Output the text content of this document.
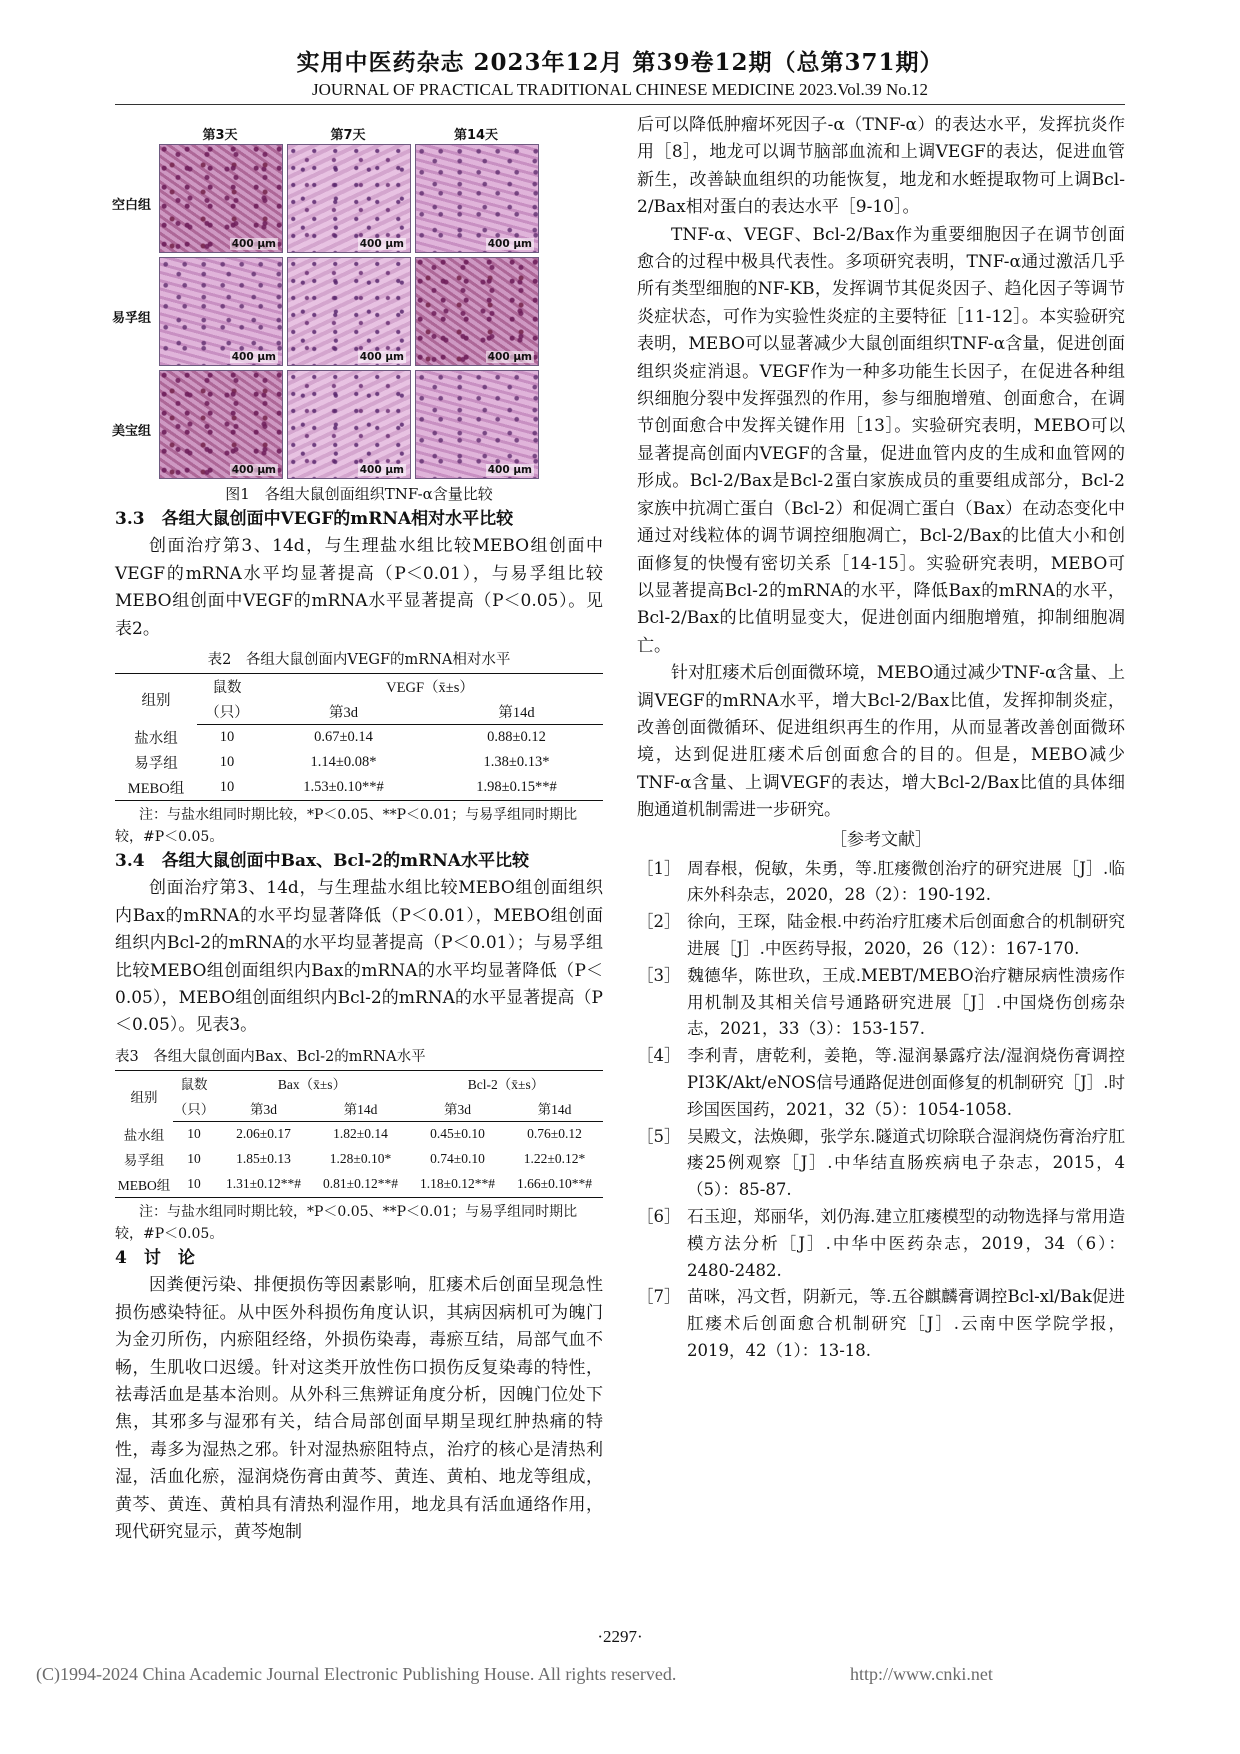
实用中医药杂志 2023年12月 第39卷12期（总第371期）
JOURNAL OF PRACTICAL TRADITIONAL CHINESE MEDICINE 2023.Vol.39 No.12
第3天	第7天	第14天
空白组
易孚组
美宝组
400 μm	400 μm	400 μm
400 μm	400 μm	400 μm
400 μm	400 μm	400 μm

图1　各组大鼠创面组织TNF-α含量比较

3.3　各组大鼠创面中VEGF的mRNA相对水平比较

创面治疗第3、14d，与生理盐水组比较MEBO组创面中VEGF的mRNA水平均显著提高（P＜0.01），与易孚组比较MEBO组创面中VEGF的mRNA水平显著提高（P＜0.05）。见表2。

表2　各组大鼠创面内VEGF的mRNA相对水平

组别	鼠数	VEGF（x̄±s）	
	（只）	第3d	第14d
盐水组	10	0.67±0.14	0.88±0.12
易孚组	10	1.14±0.08*	1.38±0.13*
MEBO组	10	1.53±0.10**#	1.98±0.15**#

注：与盐水组同时期比较，*P＜0.05、**P＜0.01；与易孚组同时期比较，#P＜0.05。

3.4　各组大鼠创面中Bax、Bcl-2的mRNA水平比较

创面治疗第3、14d，与生理盐水组比较MEBO组创面组织内Bax的mRNA的水平均显著降低（P＜0.01），MEBO组创面组织内Bcl-2的mRNA的水平均显著提高（P＜0.01）；与易孚组比较MEBO组创面组织内Bax的mRNA的水平均显著降低（P＜0.05），MEBO组创面组织内Bcl-2的mRNA的水平显著提高（P＜0.05）。见表3。

表3　各组大鼠创面内Bax、Bcl-2的mRNA水平

组别	鼠数	Bax（x̄±s）		Bcl-2（x̄±s）	
	（只）	第3d	第14d	第3d	第14d
盐水组	10	2.06±0.17	1.82±0.14	0.45±0.10	0.76±0.12
易孚组	10	1.85±0.13	1.28±0.10*	0.74±0.10	1.22±0.12*
MEBO组	10	1.31±0.12**#	0.81±0.12**#	1.18±0.12**#	1.66±0.10**#

注：与盐水组同时期比较，*P＜0.05、**P＜0.01；与易孚组同时期比较，#P＜0.05。

4　讨　论

因粪便污染、排便损伤等因素影响，肛瘘术后创面呈现急性损伤感染特征。从中医外科损伤角度认识，其病因病机可为魄门为金刃所伤，内瘀阻经络，外损伤染毒，毒瘀互结，局部气血不畅，生肌收口迟缓。针对这类开放性伤口损伤反复染毒的特性，祛毒活血是基本治则。从外科三焦辨证角度分析，因魄门位处下焦，其邪多与湿邪有关，结合局部创面早期呈现红肿热痛的特性，毒多为湿热之邪。针对湿热瘀阻特点，治疗的核心是清热利湿，活血化瘀，湿润烧伤膏由黄芩、黄连、黄柏、地龙等组成，黄芩、黄连、黄柏具有清热利湿作用，地龙具有活血通络作用，现代研究显示，黄芩炮制

后可以降低肿瘤坏死因子-α（TNF-α）的表达水平，发挥抗炎作用［8］，地龙可以调节脑部血流和上调VEGF的表达，促进血管新生，改善缺血组织的功能恢复，地龙和水蛭提取物可上调Bcl-2/Bax相对蛋白的表达水平［9-10］。

TNF-α、VEGF、Bcl-2/Bax作为重要细胞因子在调节创面愈合的过程中极具代表性。多项研究表明，TNF-α通过激活几乎所有类型细胞的NF-KB，发挥调节其促炎因子、趋化因子等调节炎症状态，可作为实验性炎症的主要特征［11-12］。本实验研究表明，MEBO可以显著减少大鼠创面组织TNF-α含量，促进创面组织炎症消退。VEGF作为一种多功能生长因子，在促进各种组织细胞分裂中发挥强烈的作用，参与细胞增殖、创面愈合，在调节创面愈合中发挥关键作用［13］。实验研究表明，MEBO可以显著提高创面内VEGF的含量，促进血管内皮的生成和血管网的形成。Bcl-2/Bax是Bcl-2蛋白家族成员的重要组成部分，Bcl-2家族中抗凋亡蛋白（Bcl-2）和促凋亡蛋白（Bax）在动态变化中通过对线粒体的调节调控细胞凋亡，Bcl-2/Bax的比值大小和创面修复的快慢有密切关系［14-15］。实验研究表明，MEBO可以显著提高Bcl-2的mRNA的水平，降低Bax的mRNA的水平，Bcl-2/Bax的比值明显变大，促进创面内细胞增殖，抑制细胞凋亡。

针对肛瘘术后创面微环境，MEBO通过减少TNF-α含量、上调VEGF的mRNA水平，增大Bcl-2/Bax比值，发挥抑制炎症，改善创面微循环、促进组织再生的作用，从而显著改善创面微环境，达到促进肛瘘术后创面愈合的目的。但是，MEBO减少TNF-α含量、上调VEGF的表达，增大Bcl-2/Bax比值的具体细胞通道机制需进一步研究。

［参考文献］

［1］ 周春根，倪敏，朱勇，等.肛瘘微创治疗的研究进展［J］.临床外科杂志，2020，28（2）：190-192.

［2］ 徐向，王琛，陆金根.中药治疗肛瘘术后创面愈合的机制研究进展［J］.中医药导报，2020，26（12）：167-170.

［3］ 魏德华，陈世玖，王成.MEBT/MEBO治疗糖尿病性溃疡作用机制及其相关信号通路研究进展［J］.中国烧伤创疡杂志，2021，33（3）：153-157.

［4］ 李利青，唐乾利，姜艳，等.湿润暴露疗法/湿润烧伤膏调控PI3K/Akt/eNOS信号通路促进创面修复的机制研究［J］.时珍国医国药，2021，32（5）：1054-1058.

［5］ 吴殿文，法焕卿，张学东.隧道式切除联合湿润烧伤膏治疗肛瘘25例观察［J］.中华结直肠疾病电子杂志，2015，4（5）：85-87.

［6］ 石玉迎，郑丽华，刘仍海.建立肛瘘模型的动物选择与常用造模方法分析［J］.中华中医药杂志，2019，34（6）：2480-2482.

［7］ 苗咪，冯文哲，阴新元，等.五谷麒麟膏调控Bcl-xl/Bak促进肛瘘术后创面愈合机制研究［J］.云南中医学院学报，2019，42（1）：13-18.

·2297·
(C)1994-2024 China Academic Journal Electronic Publishing House. All rights reserved.	http://www.cnki.net
